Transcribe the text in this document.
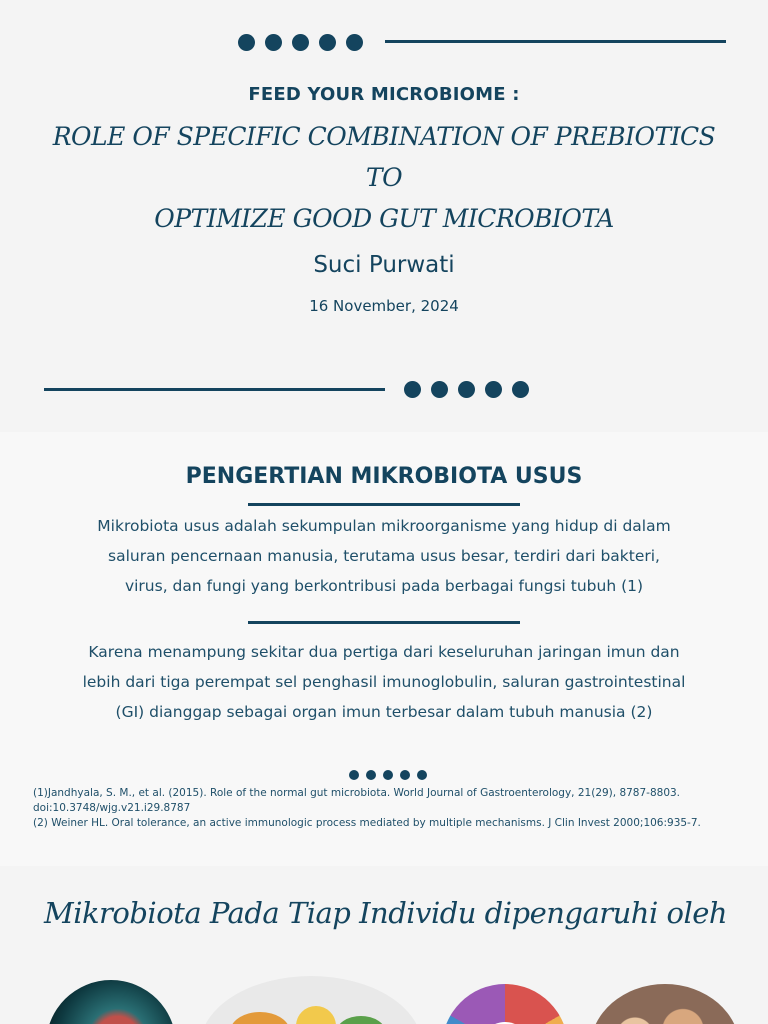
FEED YOUR MICROBIOME :
ROLE OF SPECIFIC COMBINATION OF PREBIOTICS TO
OPTIMIZE GOOD GUT MICROBIOTA
Suci Purwati
16 November, 2024
PENGERTIAN MIKROBIOTA USUS
Mikrobiota usus adalah sekumpulan mikroorganisme yang hidup di dalam
saluran pencernaan manusia, terutama usus besar, terdiri dari bakteri,
virus, dan fungi yang berkontribusi pada berbagai fungsi tubuh (1)
Karena menampung sekitar dua pertiga dari keseluruhan jaringan imun dan
lebih dari tiga perempat sel penghasil imunoglobulin, saluran gastrointestinal
(GI) dianggap sebagai organ imun terbesar dalam tubuh manusia (2)
(1)Jandhyala, S. M., et al. (2015). Role of the normal gut microbiota. World Journal of Gastroenterology, 21(29), 8787-8803.
doi:10.3748/wjg.v21.i29.8787
(2) Weiner HL. Oral tolerance, an active immunologic process mediated by multiple mechanisms. J Clin Invest 2000;106:935-7.
Mikrobiota Pada Tiap Individu dipengaruhi oleh
